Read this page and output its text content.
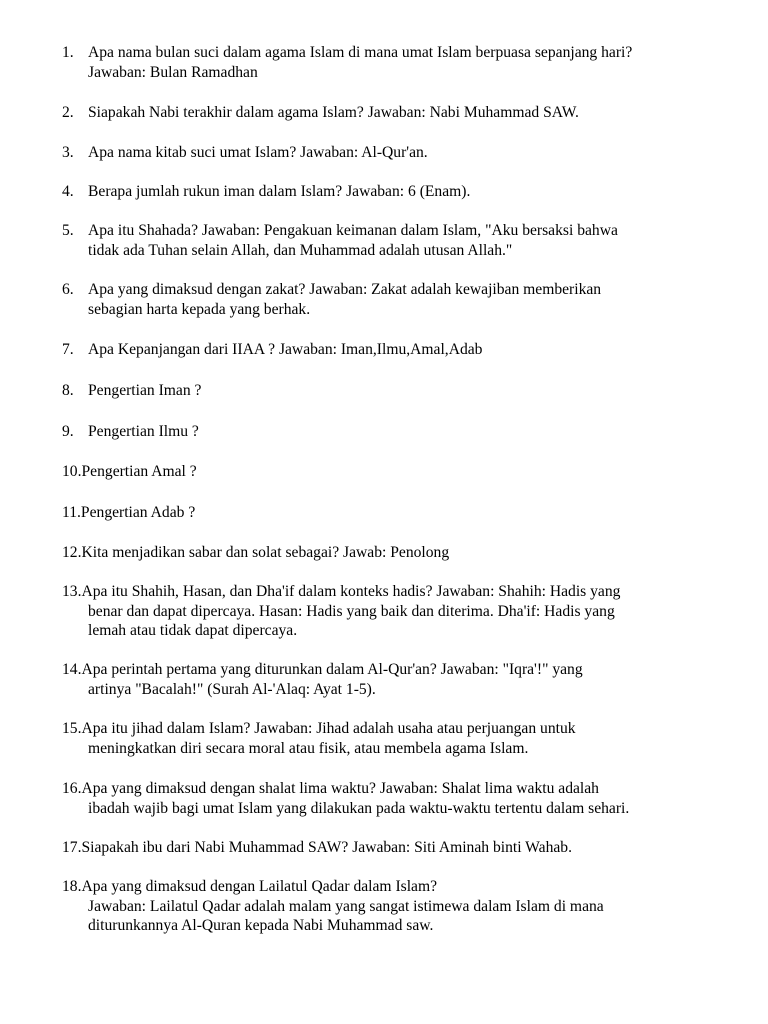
1. Apa nama bulan suci dalam agama Islam di mana umat Islam berpuasa sepanjang hari?
Jawaban: Bulan Ramadhan
2. Siapakah Nabi terakhir dalam agama Islam? Jawaban: Nabi Muhammad SAW.
3. Apa nama kitab suci umat Islam? Jawaban: Al-Qur'an.
4. Berapa jumlah rukun iman dalam Islam? Jawaban: 6 (Enam).
5. Apa itu Shahada? Jawaban: Pengakuan keimanan dalam Islam, "Aku bersaksi bahwa
tidak ada Tuhan selain Allah, dan Muhammad adalah utusan Allah."
6. Apa yang dimaksud dengan zakat? Jawaban: Zakat adalah kewajiban memberikan
sebagian harta kepada yang berhak.
7. Apa Kepanjangan dari IIAA ? Jawaban: Iman,Ilmu,Amal,Adab
8. Pengertian Iman ?
9. Pengertian Ilmu ?
10. Pengertian Amal ?
11. Pengertian Adab ?
12. Kita menjadikan sabar dan solat sebagai? Jawab: Penolong
13. Apa itu Shahih, Hasan, dan Dha'if dalam konteks hadis? Jawaban: Shahih: Hadis yang
benar dan dapat dipercaya. Hasan: Hadis yang baik dan diterima. Dha'if: Hadis yang
lemah atau tidak dapat dipercaya.
14. Apa perintah pertama yang diturunkan dalam Al-Qur'an? Jawaban: "Iqra'!" yang
artinya "Bacalah!" (Surah Al-'Alaq: Ayat 1-5).
15. Apa itu jihad dalam Islam? Jawaban: Jihad adalah usaha atau perjuangan untuk
meningkatkan diri secara moral atau fisik, atau membela agama Islam.
16. Apa yang dimaksud dengan shalat lima waktu? Jawaban: Shalat lima waktu adalah
ibadah wajib bagi umat Islam yang dilakukan pada waktu-waktu tertentu dalam sehari.
17. Siapakah ibu dari Nabi Muhammad SAW? Jawaban: Siti Aminah binti Wahab.
18. Apa yang dimaksud dengan Lailatul Qadar dalam Islam?
Jawaban: Lailatul Qadar adalah malam yang sangat istimewa dalam Islam di mana
diturunkannya Al-Quran kepada Nabi Muhammad saw.
